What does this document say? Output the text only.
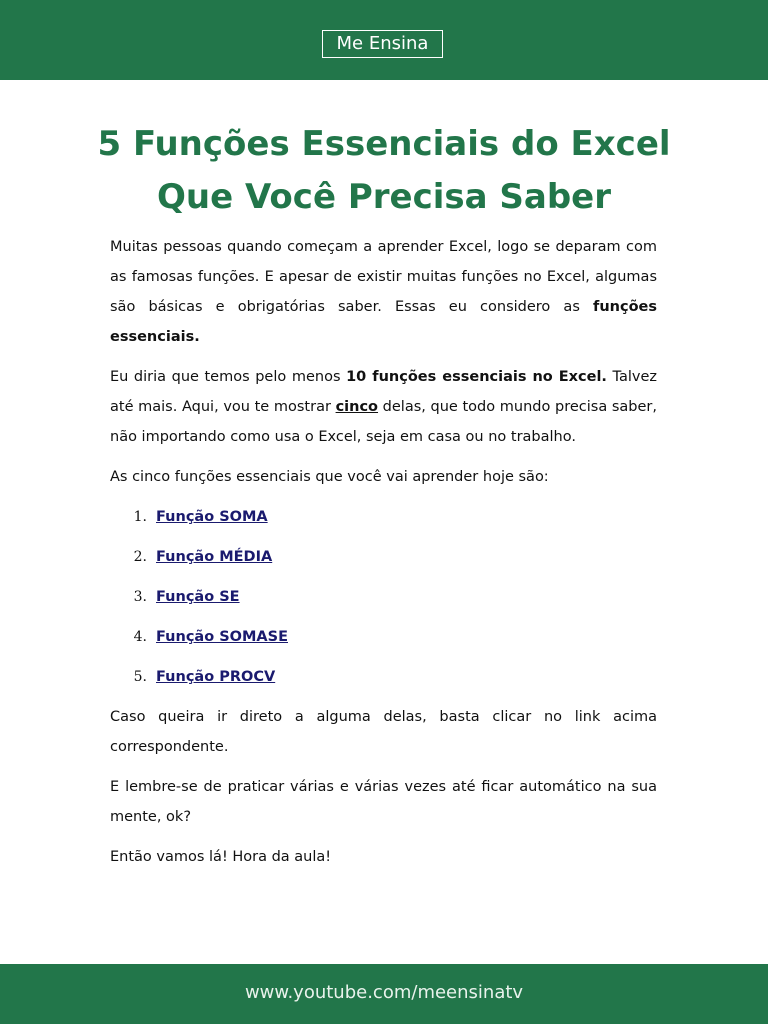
Me Ensina
5 Funções Essenciais do Excel
Que Você Precisa Saber

Muitas pessoas quando começam a aprender Excel, logo se deparam com as famosas funções. E apesar de existir muitas funções no Excel, algumas são básicas e obrigatórias saber. Essas eu considero as funções essenciais.

Eu diria que temos pelo menos 10 funções essenciais no Excel. Talvez até mais. Aqui, vou te mostrar cinco delas, que todo mundo precisa saber, não importando como usa o Excel, seja em casa ou no trabalho.

As cinco funções essenciais que você vai aprender hoje são:

1. Função SOMA
2. Função MÉDIA
3. Função SE
4. Função SOMASE
5. Função PROCV

Caso queira ir direto a alguma delas, basta clicar no link acima correspondente.

E lembre-se de praticar várias e várias vezes até ficar automático na sua mente, ok?

Então vamos lá! Hora da aula!

www.youtube.com/meensinatv
